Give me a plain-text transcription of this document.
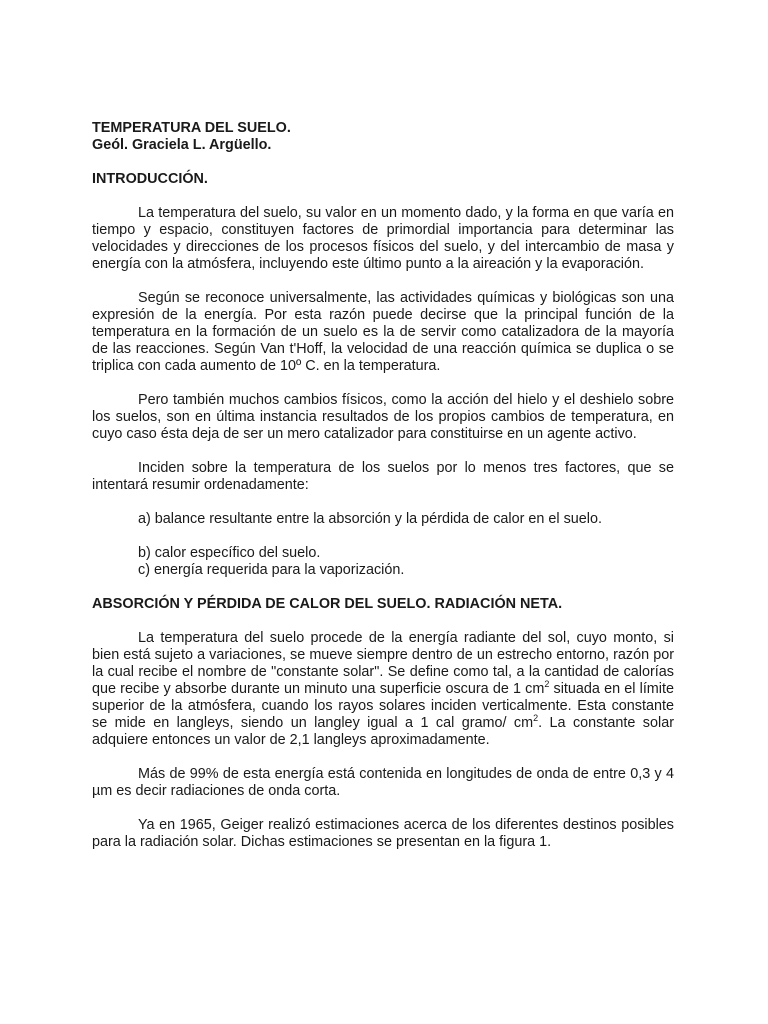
TEMPERATURA DEL SUELO.

Geól. Graciela L. Argüello.

INTRODUCCIÓN.

La temperatura del suelo, su valor en un momento dado, y la forma en que varía en tiempo y espacio, constituyen factores de primordial importancia para determinar las velocidades y direcciones de los procesos físicos del suelo, y del intercambio de masa y energía con la atmósfera, incluyendo este último punto a la aireación y la evaporación.

Según se reconoce universalmente, las actividades químicas y biológicas son una expresión de la energía. Por esta razón puede decirse que la principal función de la temperatura en la formación de un suelo es la de servir como catalizadora de la mayoría de las reacciones. Según Van t'Hoff, la velocidad de una reacción química se duplica o se triplica con cada aumento de 10º C. en la temperatura.

Pero también muchos cambios físicos, como la acción del hielo y el deshielo sobre los suelos, son en última instancia resultados de los propios cambios de temperatura, en cuyo caso ésta deja de ser un mero catalizador para constituirse en un agente activo.

Inciden sobre la temperatura de los suelos por lo menos tres factores, que se intentará resumir ordenadamente:

a) balance resultante entre la absorción y la pérdida de calor en el suelo.

b) calor específico del suelo.

c) energía requerida para la vaporización.

ABSORCIÓN Y PÉRDIDA DE CALOR DEL SUELO. RADIACIÓN NETA.

La temperatura del suelo procede de la energía radiante del sol, cuyo monto, si bien está sujeto a variaciones, se mueve siempre dentro de un estrecho entorno, razón por la cual recibe el nombre de "constante solar". Se define como tal, a la cantidad de calorías que recibe y absorbe durante un minuto una superficie oscura de 1 $cm^2$ situada en el límite superior de la atmósfera, cuando los rayos solares inciden verticalmente. Esta constante se mide en langleys, siendo un langley igual a 1 cal gramo/ $cm^2$. La constante solar adquiere entonces un valor de 2,1 langleys aproximadamente.

Más de 99% de esta energía está contenida en longitudes de onda de entre 0,3 y 4 µm es decir radiaciones de onda corta.

Ya en 1965, Geiger realizó estimaciones acerca de los diferentes destinos posibles para la radiación solar. Dichas estimaciones se presentan en la figura 1.
